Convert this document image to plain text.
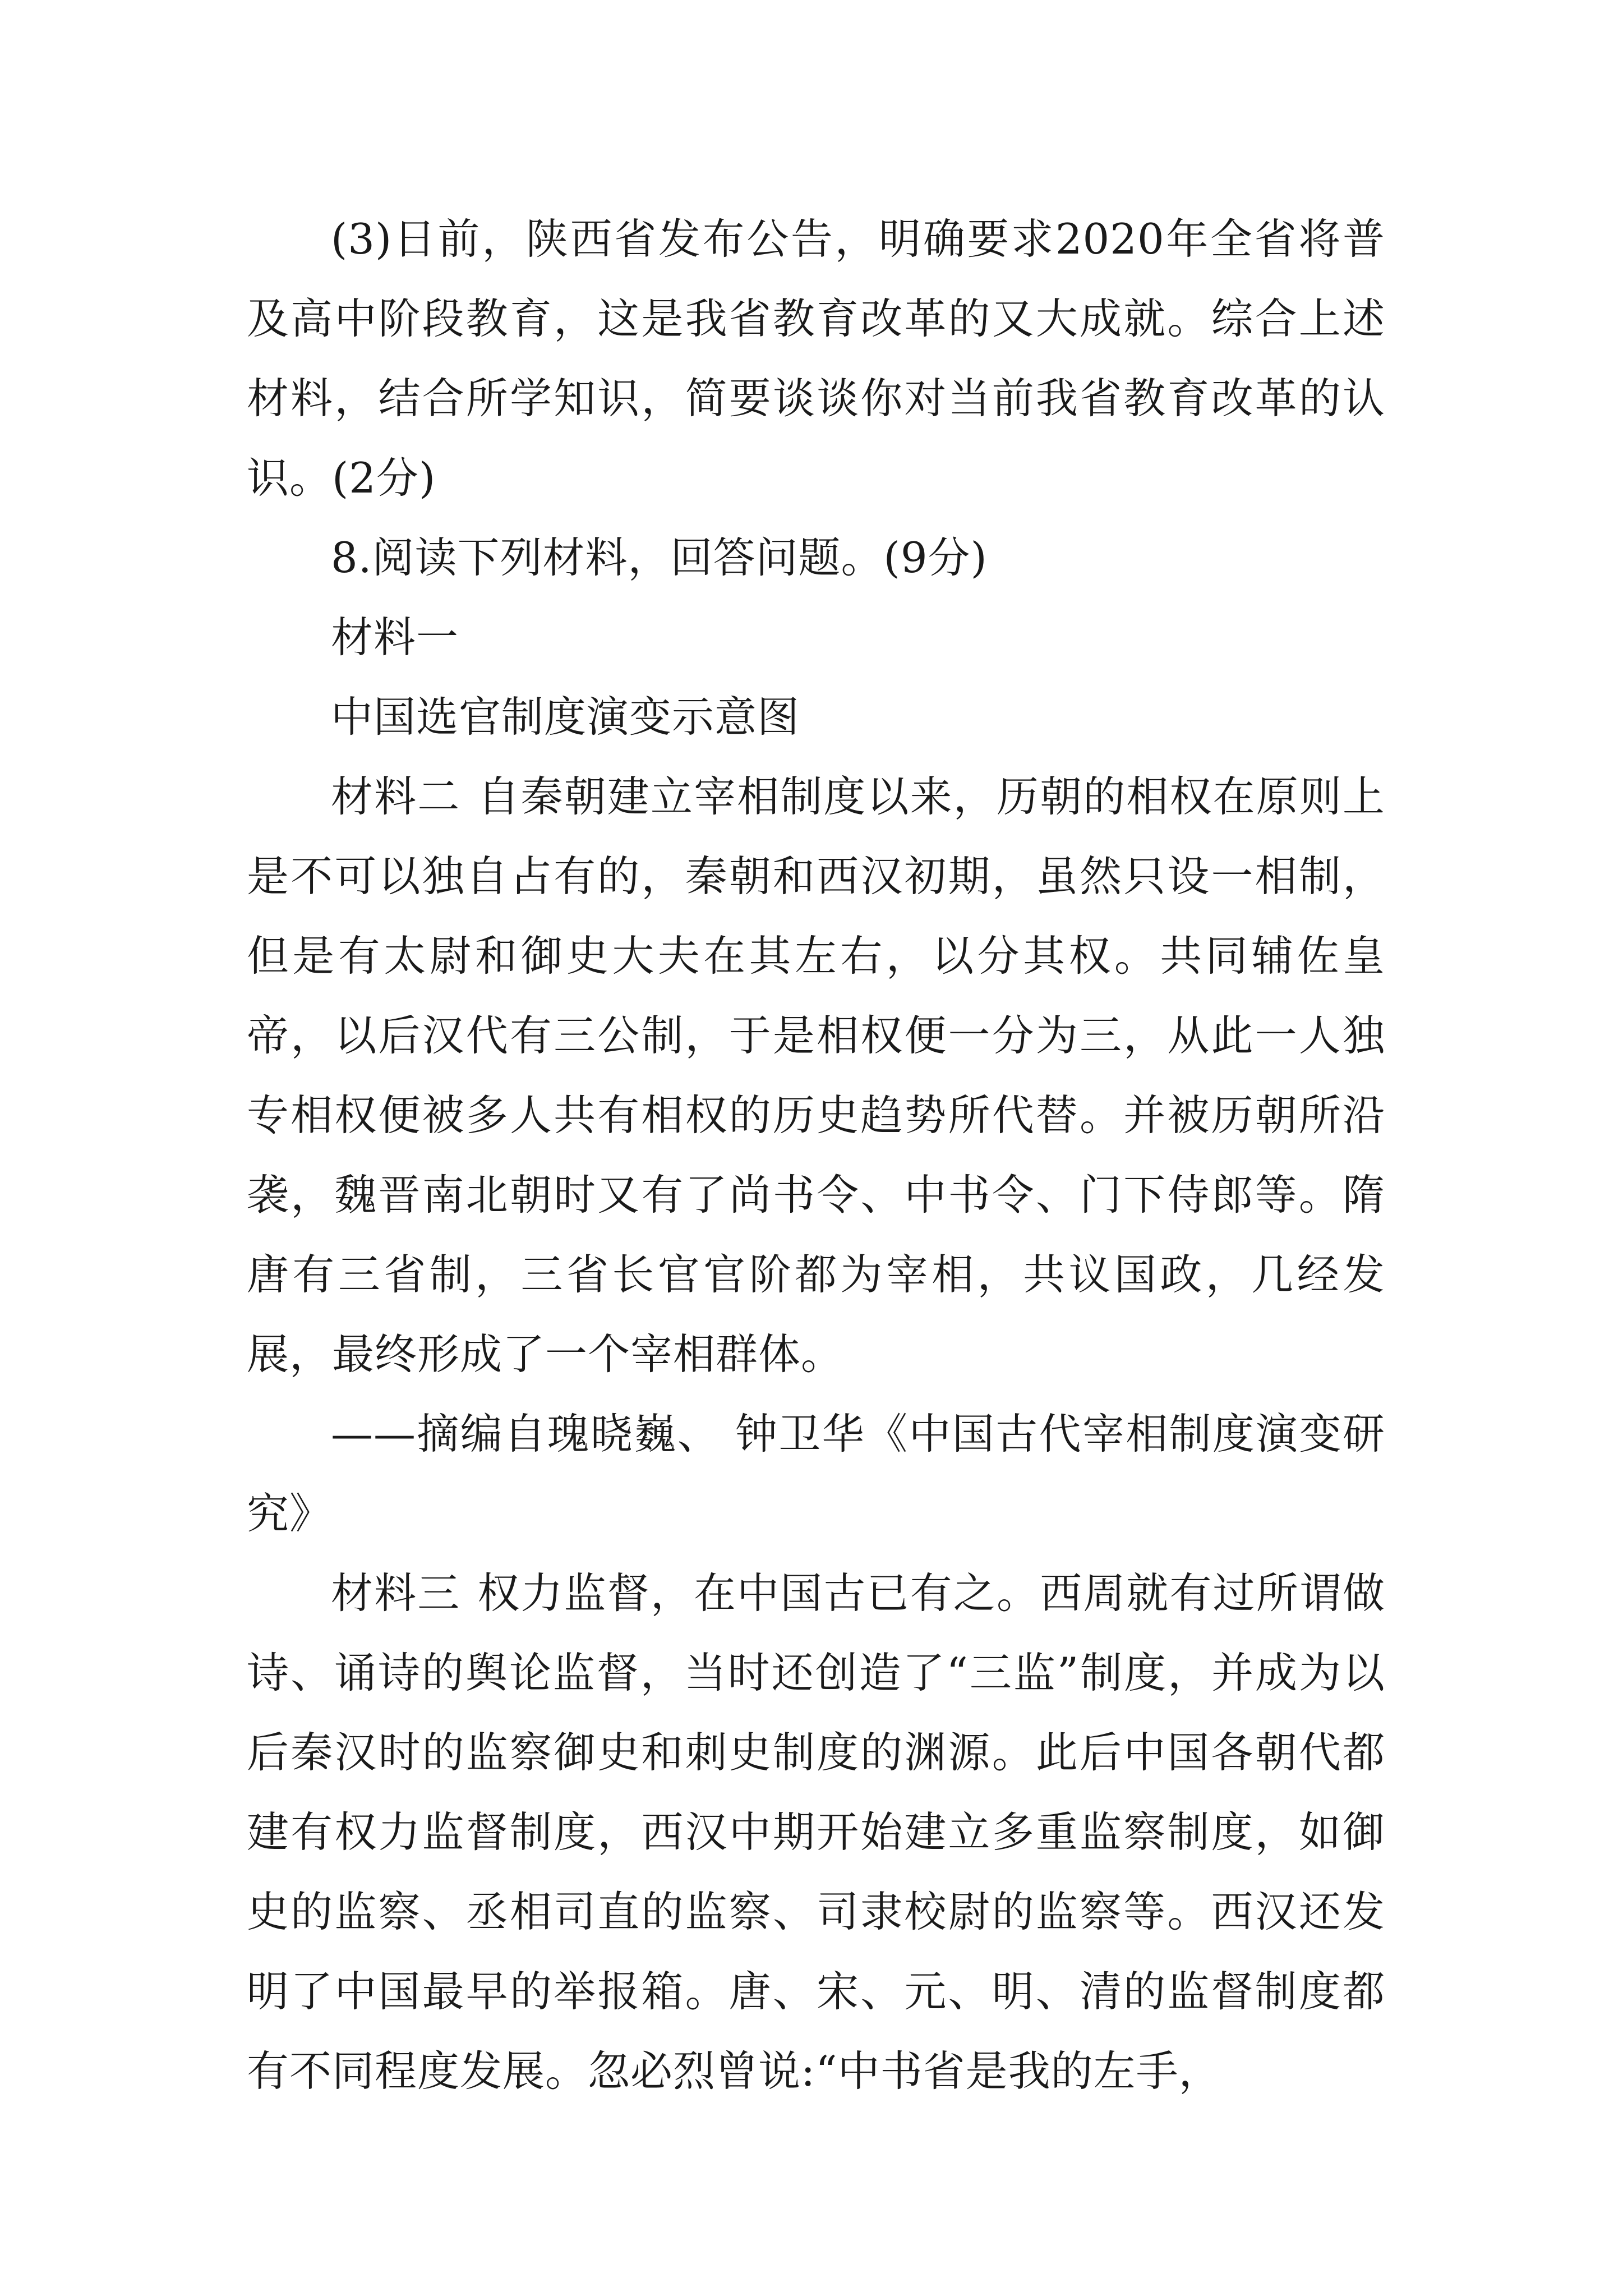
(3)日前，陕西省发布公告，明确要求2020年全省将普及高中阶段教育，这是我省教育改革的又大成就。综合上述材料，结合所学知识，简要谈谈你对当前我省教育改革的认识。(2分)

8.阅读下列材料，回答问题。(9分)

材料一

中国选官制度演变示意图

材料二 自秦朝建立宰相制度以来，历朝的相权在原则上是不可以独自占有的，秦朝和西汉初期，虽然只设一相制，但是有太尉和御史大夫在其左右，以分其权。共同辅佐皇帝，以后汉代有三公制，于是相权便一分为三，从此一人独专相权便被多人共有相权的历史趋势所代替。并被历朝所沿袭，魏晋南北朝时又有了尚书令、中书令、门下侍郎等。隋唐有三省制，三省长官官阶都为宰相，共议国政，几经发展，最终形成了一个宰相群体。

——摘编自瑰晓巍、 钟卫华《中国古代宰相制度演变研究》

材料三 权力监督，在中国古已有之。西周就有过所谓做诗、诵诗的舆论监督，当时还创造了“三监”制度，并成为以后秦汉时的监察御史和刺史制度的渊源。此后中国各朝代都建有权力监督制度，西汉中期开始建立多重监察制度，如御史的监察、丞相司直的监察、司隶校尉的监察等。西汉还发明了中国最早的举报箱。唐、宋、元、明、清的监督制度都有不同程度发展。忽必烈曾说:“中书省是我的左手，
